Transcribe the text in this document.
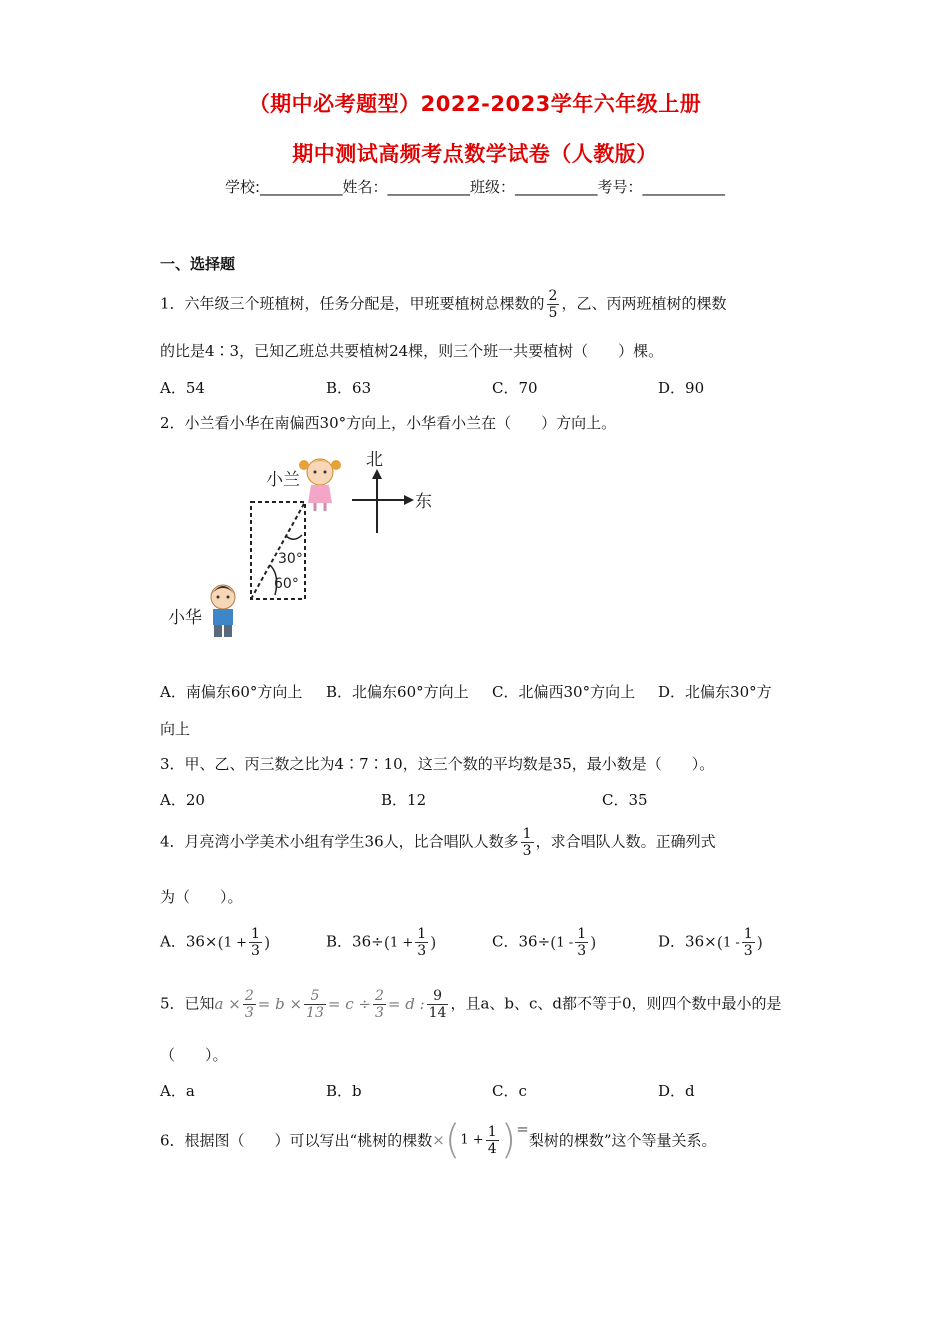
（期中必考题型）2022-2023学年六年级上册
期中测试高频考点数学试卷（人教版）
学校:___________姓名：___________班级：___________考号：___________
一、选择题
1．六年级三个班植树，任务分配是，甲班要植树总棵数的 $\frac{2}{5}$ ，乙、丙两班植树的棵数
的比是4∶3，已知乙班总共要植树24棵，则三个班一共要植树（　　）棵。
A．54	B．63	C．70	D．90
2．小兰看小华在南偏西30°方向上，小华看小兰在（　　）方向上。
北
东
30°
60°
小兰
小华
A．南偏东60°方向上 B．北偏东60°方向上 C．北偏西30°方向上 D．北偏东30°方
向上
3．甲、乙、丙三数之比为4∶7∶10，这三个数的平均数是35，最小数是（　　）。
A．20	B．12	C．35
4．月亮湾小学美术小组有学生36人，比合唱队人数多 $\frac{1}{3}$ ，求合唱队人数。正确列式
为（　　）。
A．$36\times(1 + \frac{1}{3}$ )	B．$36\div(1 + \frac{1}{3}$ )	C．$36\div(1 - \frac{1}{3}$ )	D．$36\times(1 - \frac{1}{3}$ )
5．已知$a \times \frac{2}{3} = b \times \frac{5}{13} = c \div \frac{2}{3} = d$ : $\frac{9}{14}$ ，且a、b、c、d都不等于0，则四个数中最小的是
（　　）。
A．a	B．b	C．c	D．d
6．根据图（　　）可以写出“桃树的棵数$\times(1 + \frac{1}{4}$ )=梨树的棵数”这个等量关系。
